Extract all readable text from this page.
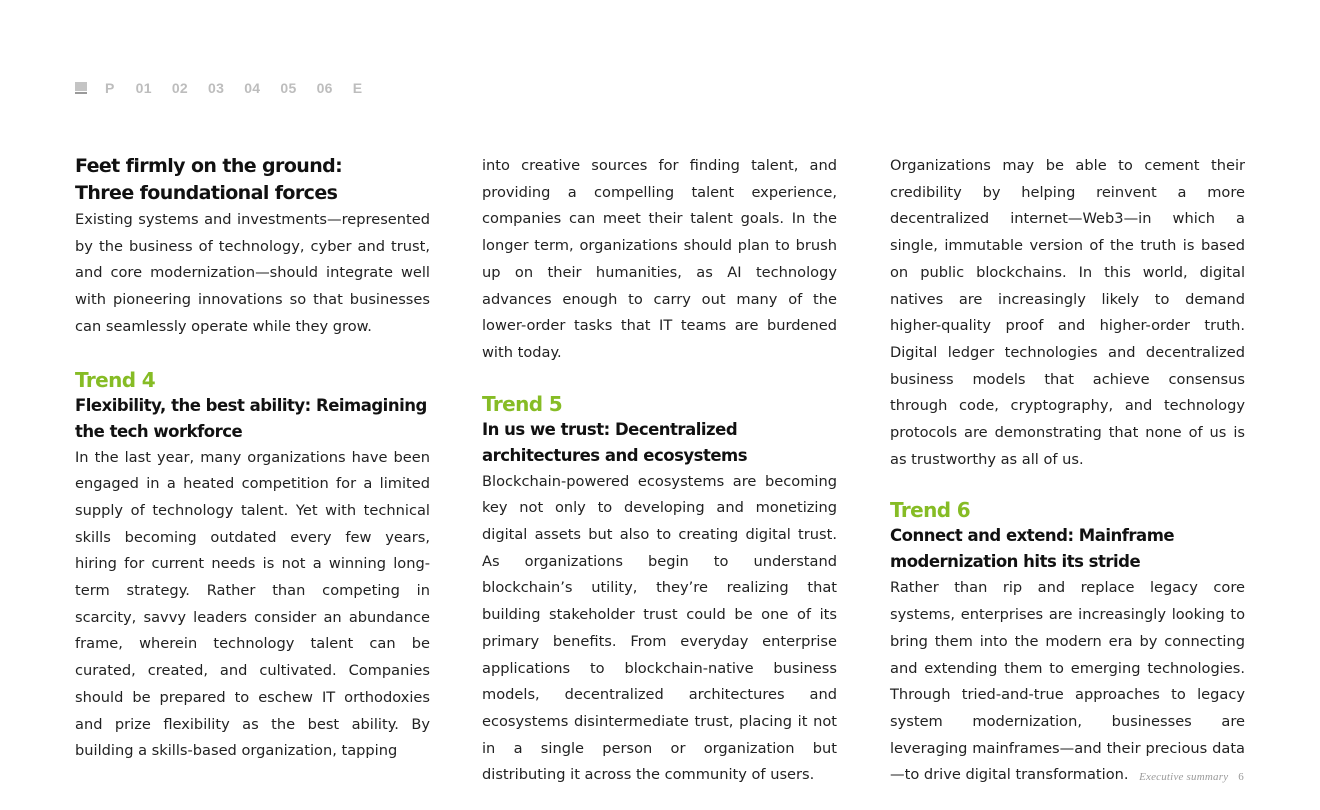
P 01 02 03 04 05 06 E
Feet firmly on the ground:
Three foundational forces

Existing systems and investments—represented by the business of technology, cyber and trust, and core modernization—should integrate well with pioneering innovations so that businesses can seamlessly operate while they grow.

Trend 4
Flexibility, the best ability: Reimagining the tech workforce

In the last year, many organizations have been engaged in a heated competition for a limited supply of technology talent. Yet with technical skills becoming outdated every few years, hiring for current needs is not a winning long-term strategy. Rather than competing in scarcity, savvy leaders consider an abundance frame, wherein technology talent can be curated, created, and cultivated. Companies should be prepared to eschew IT orthodoxies and prize flexibility as the best ability. By building a skills-based organization, tapping

into creative sources for finding talent, and providing a compelling talent experience, companies can meet their talent goals. In the longer term, organizations should plan to brush up on their humanities, as AI technology advances enough to carry out many of the lower-order tasks that IT teams are burdened with today.

Trend 5
In us we trust: Decentralized architectures and ecosystems

Blockchain-powered ecosystems are becoming key not only to developing and monetizing digital assets but also to creating digital trust. As organizations begin to understand blockchain’s utility, they’re realizing that building stakeholder trust could be one of its primary benefits. From everyday enterprise applications to blockchain-native business models, decentralized architectures and ecosystems disintermediate trust, placing it not in a single person or organization but distributing it across the community of users.

Organizations may be able to cement their credibility by helping reinvent a more decentralized internet—Web3—in which a single, immutable version of the truth is based on public blockchains. In this world, digital natives are increasingly likely to demand higher-quality proof and higher-order truth. Digital ledger technologies and decentralized business models that achieve consensus through code, cryptography, and technology protocols are demonstrating that none of us is as trustworthy as all of us.

Trend 6
Connect and extend: Mainframe modernization hits its stride

Rather than rip and replace legacy core systems, enterprises are increasingly looking to bring them into the modern era by connecting and extending them to emerging technologies. Through tried-and-true approaches to legacy system modernization, businesses are leveraging mainframes—and their precious data—to drive digital transformation. Executive summary 6
